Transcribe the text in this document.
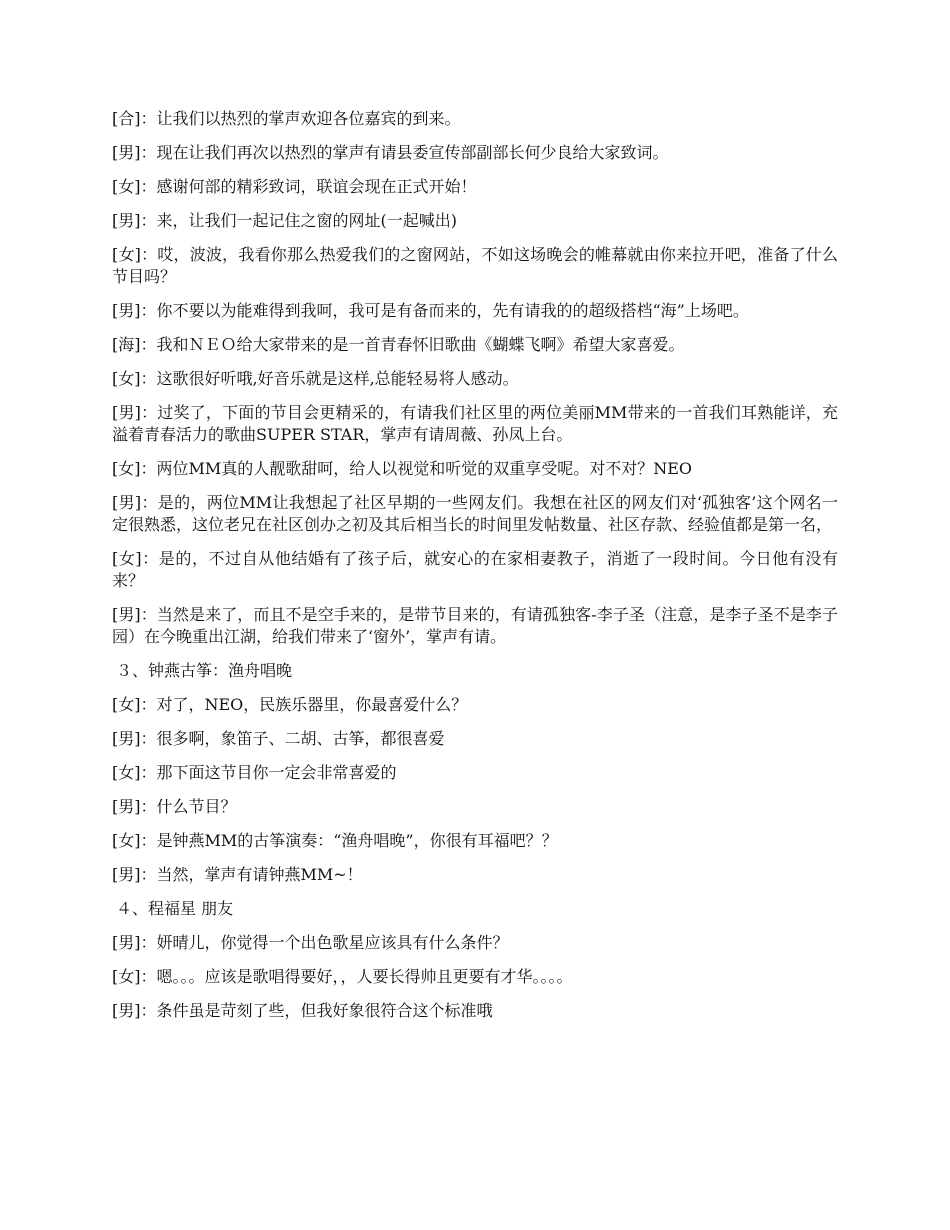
[合]：让我们以热烈的掌声欢迎各位嘉宾的到来。

[男]：现在让我们再次以热烈的掌声有请县委宣传部副部长何少良给大家致词。

[女]：感谢何部的精彩致词，联谊会现在正式开始！

[男]：来，让我们一起记住之窗的网址(一起喊出)

[女]：哎，波波，我看你那么热爱我们的之窗网站，不如这场晚会的帷幕就由你来拉开吧，准备了什么节目吗？

[男]：你不要以为能难得到我呵，我可是有备而来的，先有请我的的超级搭档“海”上场吧。

[海]：我和ＮＥＯ给大家带来的是一首青春怀旧歌曲《蝴蝶飞啊》希望大家喜爱。

[女]：这歌很好听哦,好音乐就是这样,总能轻易将人感动。

[男]：过奖了，下面的节目会更精采的，有请我们社区里的两位美丽MM带来的一首我们耳熟能详，充溢着青春活力的歌曲SUPER STAR，掌声有请周薇、孙凤上台。

[女]：两位MM真的人靓歌甜呵，给人以视觉和听觉的双重享受呢。对不对？NEO

[男]：是的，两位MM让我想起了社区早期的一些网友们。我想在社区的网友们对‘孤独客’这个网名一定很熟悉，这位老兄在社区创办之初及其后相当长的时间里发帖数量、社区存款、经验值都是第一名，

[女]：是的，不过自从他结婚有了孩子后，就安心的在家相妻教子，消逝了一段时间。今日他有没有来？

[男]：当然是来了，而且不是空手来的，是带节目来的，有请孤独客-李子圣（注意，是李子圣不是李子园）在今晚重出江湖，给我们带来了‘窗外’，掌声有请。

３、钟燕古筝：渔舟唱晚

[女]：对了，NEO，民族乐器里，你最喜爱什么？

[男]：很多啊，象笛子、二胡、古筝，都很喜爱

[女]：那下面这节目你一定会非常喜爱的

[男]：什么节目？

[女]：是钟燕MM的古筝演奏：“渔舟唱晚”，你很有耳福吧？？

[男]：当然，掌声有请钟燕MM~！

４、程福星 朋友

[男]：妍晴儿，你觉得一个出色歌星应该具有什么条件？

[女]：嗯。。。应该是歌唱得要好，，人要长得帅且更要有才华。。。。

[男]：条件虽是苛刻了些，但我好象很符合这个标准哦
